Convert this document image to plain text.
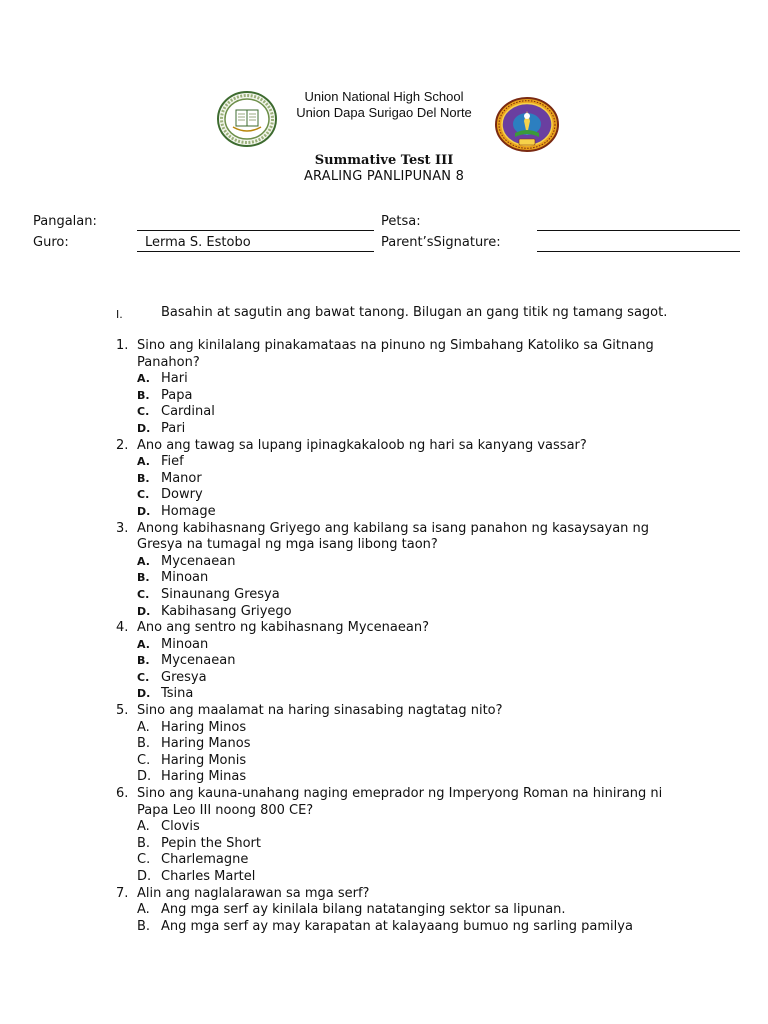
Union National High School
Union Dapa Surigao Del Norte
Summative Test III
ARALING PANLIPUNAN 8
Pangalan:	Petsa:
Guro:	Lerma S. Estobo	Parent’sSignature:
I.	Basahin at sagutin ang bawat tanong. Bilugan an gang titik ng tamang sagot.
1. Sino ang kinilalang pinakamataas na pinuno ng Simbahang Katoliko sa Gitnang Panahon?
A. Hari
B. Papa
C. Cardinal
D. Pari
2. Ano ang tawag sa lupang ipinagkakaloob ng hari sa kanyang vassar?
A. Fief
B. Manor
C. Dowry
D. Homage
3. Anong kabihasnang Griyego ang kabilang sa isang panahon ng kasaysayan ng Gresya na tumagal ng mga isang libong taon?
A. Mycenaean
B. Minoan
C. Sinaunang Gresya
D. Kabihasang Griyego
4. Ano ang sentro ng kabihasnang Mycenaean?
A. Minoan
B. Mycenaean
C. Gresya
D. Tsina
5. Sino ang maalamat na haring sinasabing nagtatag nito?
A. Haring Minos
B. Haring Manos
C. Haring Monis
D. Haring Minas
6. Sino ang kauna-unahang naging emeprador ng Imperyong Roman na hinirang ni Papa Leo III noong 800 CE?
A. Clovis
B. Pepin the Short
C. Charlemagne
D. Charles Martel
7. Alin ang naglalarawan sa mga serf?
A. Ang mga serf ay kinilala bilang natatanging sektor sa lipunan.
B. Ang mga serf ay may karapatan at kalayaang bumuo ng sarling pamilya
